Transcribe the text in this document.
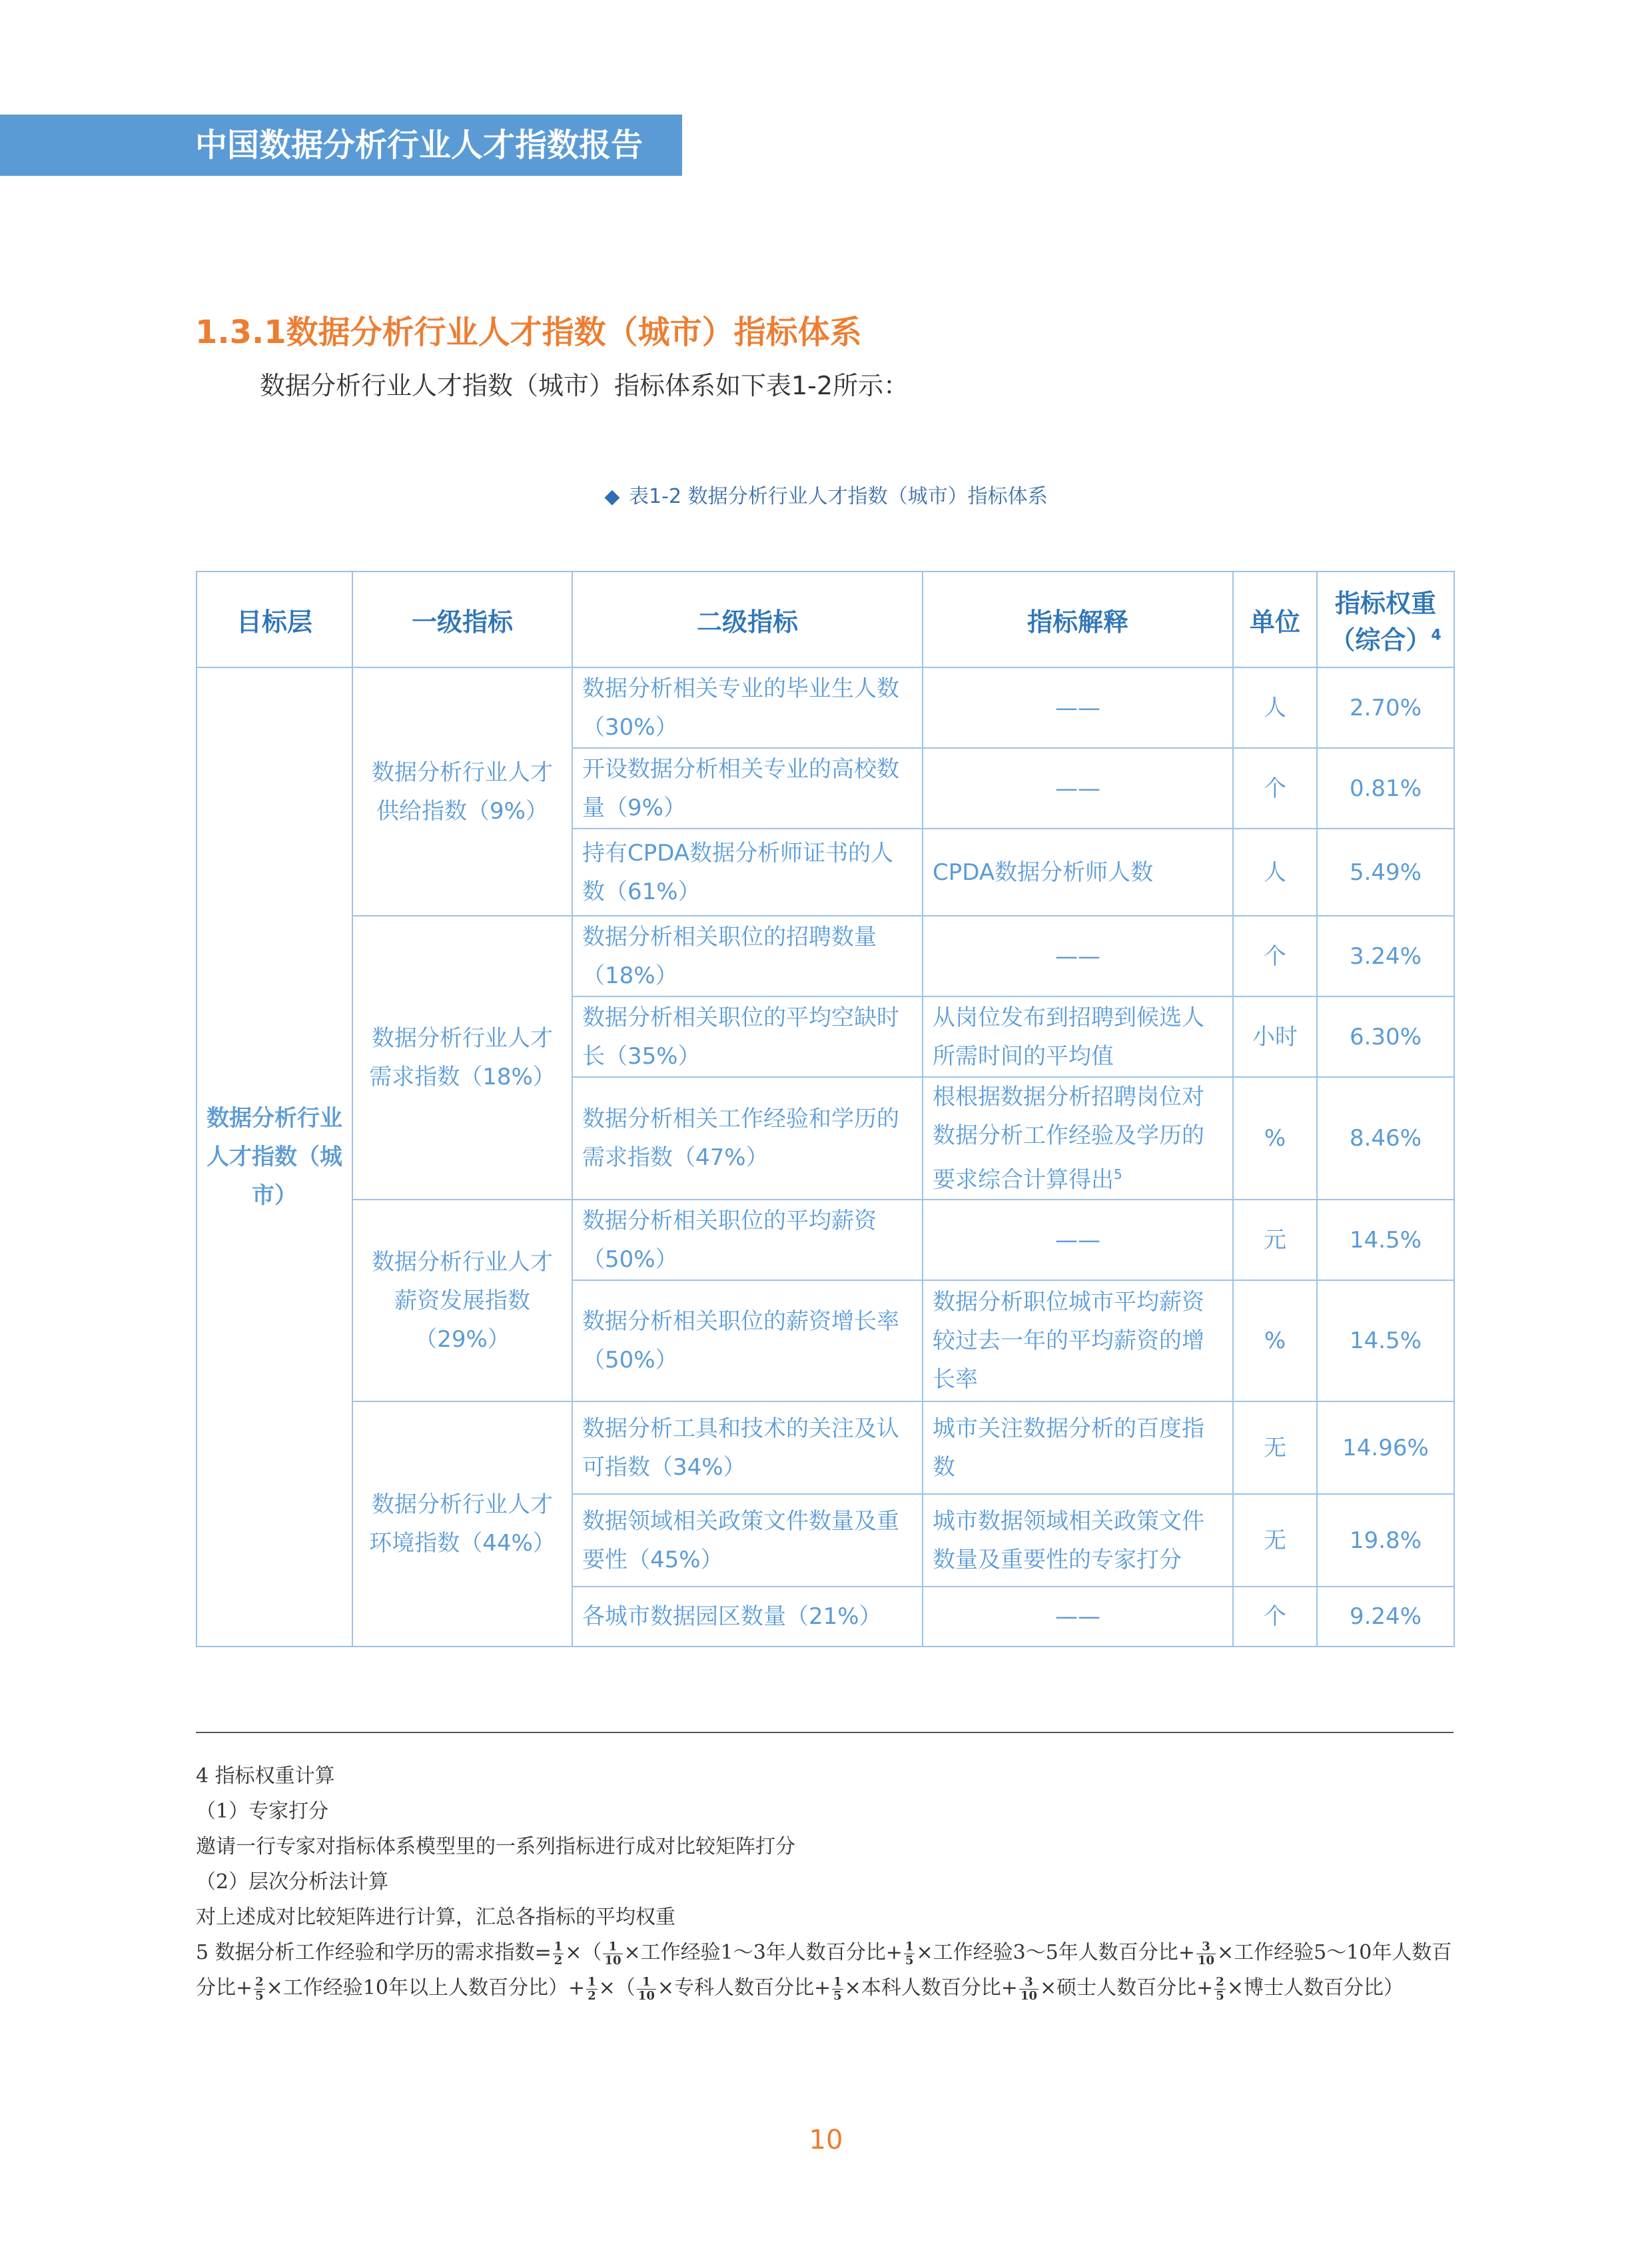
中国数据分析行业人才指数报告
1.3.1数据分析行业人才指数（城市）指标体系
数据分析行业人才指数（城市）指标体系如下表1-2所示：
◆ 表1-2 数据分析行业人才指数（城市）指标体系
目标层	一级指标	二级指标	指标解释	单位	指标权重（综合）$^4$
数据分析行业人才指数（城市）	数据分析行业人才供给指数（9%）	数据分析相关专业的毕业生人数（30%）	——	人	2.70%
		开设数据分析相关专业的高校数量（9%）	——	个	0.81%
		持有CPDA数据分析师证书的人数（61%）	CPDA数据分析师人数	人	5.49%
	数据分析行业人才需求指数（18%）	数据分析相关职位的招聘数量（18%）	——	个	3.24%
		数据分析相关职位的平均空缺时长（35%）	从岗位发布到招聘到候选人所需时间的平均值	小时	6.30%
		数据分析相关工作经验和学历的需求指数（47%）	根根据数据分析招聘岗位对数据分析工作经验及学历的要求综合计算得出$^5$	%	8.46%
	数据分析行业人才薪资发展指数（29%）	数据分析相关职位的平均薪资（50%）	——	元	14.5%
		数据分析相关职位的薪资增长率（50%）	数据分析职位城市平均薪资较过去一年的平均薪资的增长率	%	14.5%
	数据分析行业人才环境指数（44%）	数据分析工具和技术的关注及认可指数（34%）	城市关注数据分析的百度指数	无	14.96%
		数据领域相关政策文件数量及重要性（45%）	城市数据领域相关政策文件数量及重要性的专家打分	无	19.8%
		各城市数据园区数量（21%）	——	个	9.24%

4 指标权重计算

（1）专家打分

邀请一行专家对指标体系模型里的一系列指标进行成对比较矩阵打分

（2）层次分析法计算

对上述成对比较矩阵进行计算，汇总各指标的平均权重

5 数据分析工作经验和学历的需求指数= $\frac{1}{2}$ ×（ $\frac{1}{10}$ ×工作经验1～3年人数百分比+ $\frac{1}{5}$ ×工作经验3～5年人数百分比+ $\frac{3}{10}$ ×工作经验5～10年人数百分比+ $\frac{2}{5}$ ×工作经验10年以上人数百分比）+ $\frac{1}{2}$ ×（ $\frac{1}{10}$ ×专科人数百分比+ $\frac{1}{5}$ ×本科人数百分比+ $\frac{3}{10}$ ×硕士人数百分比+ $\frac{2}{5}$ ×博士人数百分比）

10
